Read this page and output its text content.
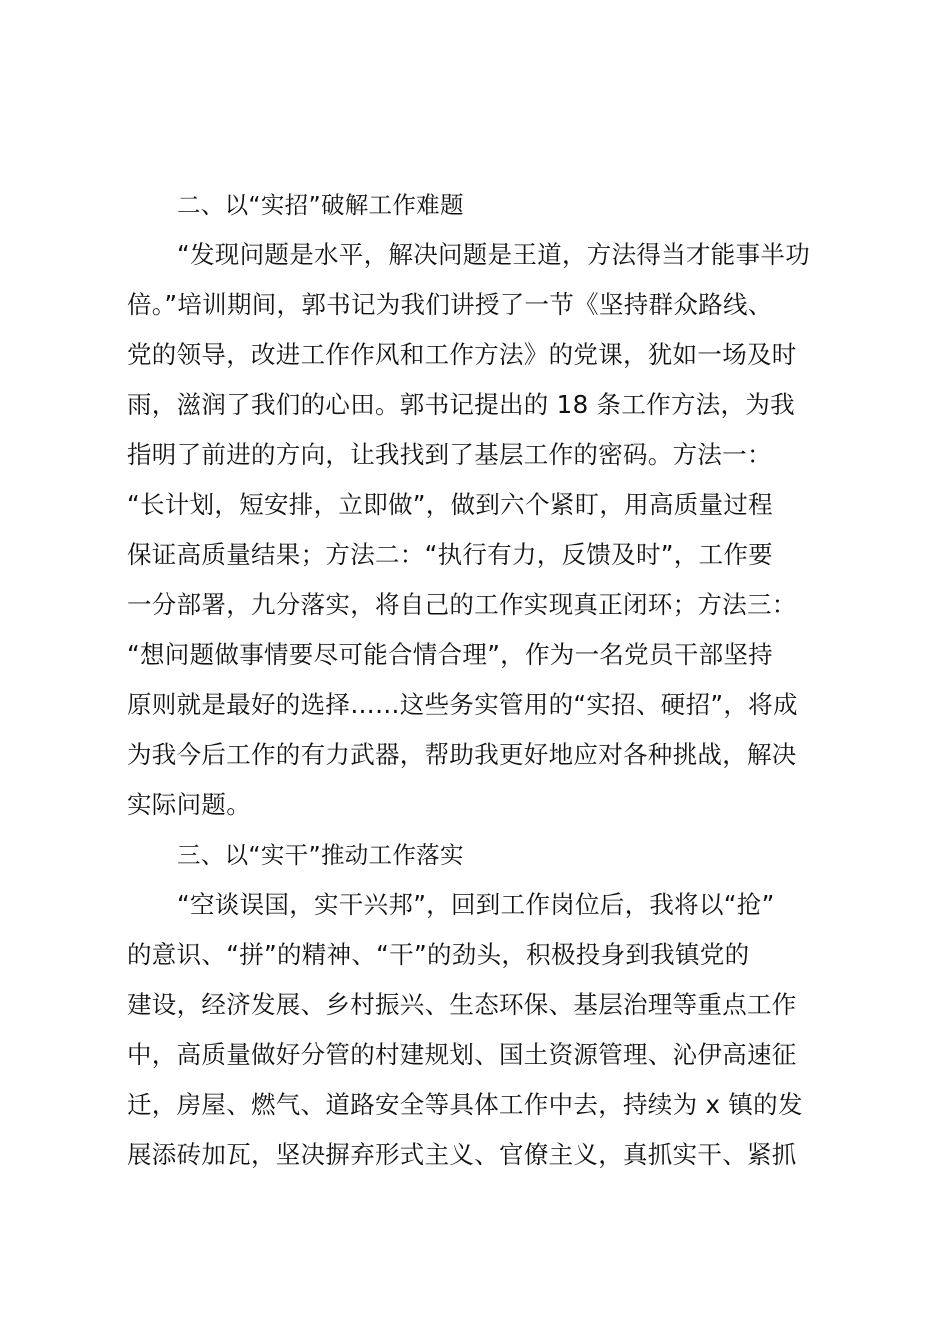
二、以“实招”破解工作难题
“发现问题是水平，解决问题是王道，方法得当才能事半功
倍。”培训期间，郭书记为我们讲授了一节《坚持群众路线、
党的领导，改进工作作风和工作方法》的党课，犹如一场及时
雨，滋润了我们的心田。郭书记提出的 18 条工作方法，为我
指明了前进的方向，让我找到了基层工作的密码。方法一：
“长计划，短安排，立即做”，做到六个紧盯，用高质量过程
保证高质量结果；方法二：“执行有力，反馈及时”，工作要
一分部署，九分落实，将自己的工作实现真正闭环；方法三：
“想问题做事情要尽可能合情合理”，作为一名党员干部坚持
原则就是最好的选择……这些务实管用的“实招、硬招”，将成
为我今后工作的有力武器，帮助我更好地应对各种挑战，解决
实际问题。
三、以“实干”推动工作落实
“空谈误国，实干兴邦”，回到工作岗位后，我将以“抢”
的意识、“拼”的精神、“干”的劲头，积极投身到我镇党的
建设，经济发展、乡村振兴、生态环保、基层治理等重点工作
中，高质量做好分管的村建规划、国土资源管理、沁伊高速征
迁，房屋、燃气、道路安全等具体工作中去，持续为 x 镇的发
展添砖加瓦，坚决摒弃形式主义、官僚主义，真抓实干、紧抓
